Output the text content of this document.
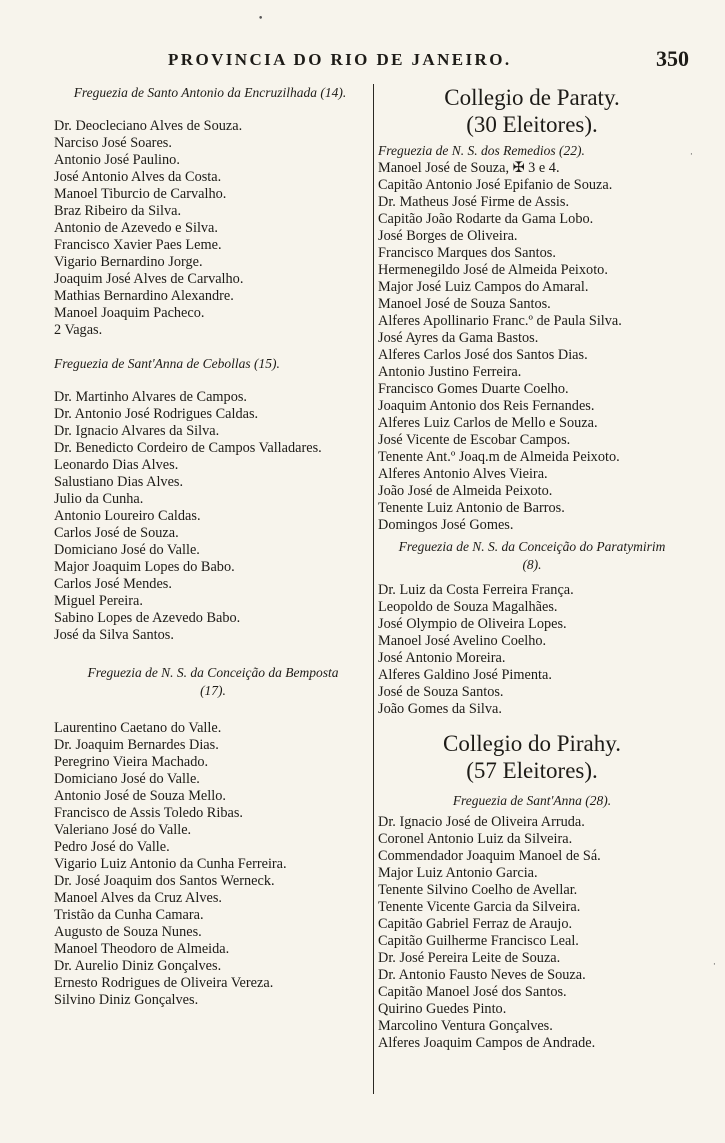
PROVINCIA DO RIO DE JANEIRO.	350
Freguezia de Santo Antonio da Encruzilhada (14).
Dr. Deocleciano Alves de Souza.
Narciso José Soares.
Antonio José Paulino.
José Antonio Alves da Costa.
Manoel Tiburcio de Carvalho.
Braz Ribeiro da Silva.
Antonio de Azevedo e Silva.
Francisco Xavier Paes Leme.
Vigario Bernardino Jorge.
Joaquim José Alves de Carvalho.
Mathias Bernardino Alexandre.
Manoel Joaquim Pacheco.
2 Vagas.
Freguezia de Sant'Anna de Cebollas (15).
Dr. Martinho Alvares de Campos.
Dr. Antonio José Rodrigues Caldas.
Dr. Ignacio Alvares da Silva.
Dr. Benedicto Cordeiro de Campos Valladares.
Leonardo Dias Alves.
Salustiano Dias Alves.
Julio da Cunha.
Antonio Loureiro Caldas.
Carlos José de Souza.
Domiciano José do Valle.
Major Joaquim Lopes do Babo.
Carlos José Mendes.
Miguel Pereira.
Sabino Lopes de Azevedo Babo.
José da Silva Santos.
Freguezia de N. S. da Conceição da Bemposta (17).
Laurentino Caetano do Valle.
Dr. Joaquim Bernardes Dias.
Peregrino Vieira Machado.
Domiciano José do Valle.
Antonio José de Souza Mello.
Francisco de Assis Toledo Ribas.
Valeriano José do Valle.
Pedro José do Valle.
Vigario Luiz Antonio da Cunha Ferreira.
Dr. José Joaquim dos Santos Werneck.
Manoel Alves da Cruz Alves.
Tristão da Cunha Camara.
Augusto de Souza Nunes.
Manoel Theodoro de Almeida.
Dr. Aurelio Diniz Gonçalves.
Ernesto Rodrigues de Oliveira Vereza.
Silvino Diniz Gonçalves.
Collegio de Paraty.
(30 Eleitores).
Freguezia de N. S. dos Remedios (22).
Manoel José de Souza, ✠ 3 e 4.
Capitão Antonio José Epifanio de Souza.
Dr. Matheus José Firme de Assis.
Capitão João Rodarte da Gama Lobo.
José Borges de Oliveira.
Francisco Marques dos Santos.
Hermenegildo José de Almeida Peixoto.
Major José Luiz Campos do Amaral.
Manoel José de Souza Santos.
Alferes Apollinario Franc.º de Paula Silva.
José Ayres da Gama Bastos.
Alferes Carlos José dos Santos Dias.
Antonio Justino Ferreira.
Francisco Gomes Duarte Coelho.
Joaquim Antonio dos Reis Fernandes.
Alferes Luiz Carlos de Mello e Souza.
José Vicente de Escobar Campos.
Tenente Ant.º Joaq.m de Almeida Peixoto.
Alferes Antonio Alves Vieira.
João José de Almeida Peixoto.
Tenente Luiz Antonio de Barros.
Domingos José Gomes.
Freguezia de N. S. da Conceição do Paratymirim (8).
Dr. Luiz da Costa Ferreira França.
Leopoldo de Souza Magalhães.
José Olympio de Oliveira Lopes.
Manoel José Avelino Coelho.
José Antonio Moreira.
Alferes Galdino José Pimenta.
José de Souza Santos.
João Gomes da Silva.
Collegio do Pirahy.
(57 Eleitores).
Freguezia de Sant'Anna (28).
Dr. Ignacio José de Oliveira Arruda.
Coronel Antonio Luiz da Silveira.
Commendador Joaquim Manoel de Sá.
Major Luiz Antonio Garcia.
Tenente Silvino Coelho de Avellar.
Tenente Vicente Garcia da Silveira.
Capitão Gabriel Ferraz de Araujo.
Capitão Guilherme Francisco Leal.
Dr. José Pereira Leite de Souza.
Dr. Antonio Fausto Neves de Souza.
Capitão Manoel José dos Santos.
Quirino Guedes Pinto.
Marcolino Ventura Gonçalves.
Alferes Joaquim Campos de Andrade.
•
·
·
